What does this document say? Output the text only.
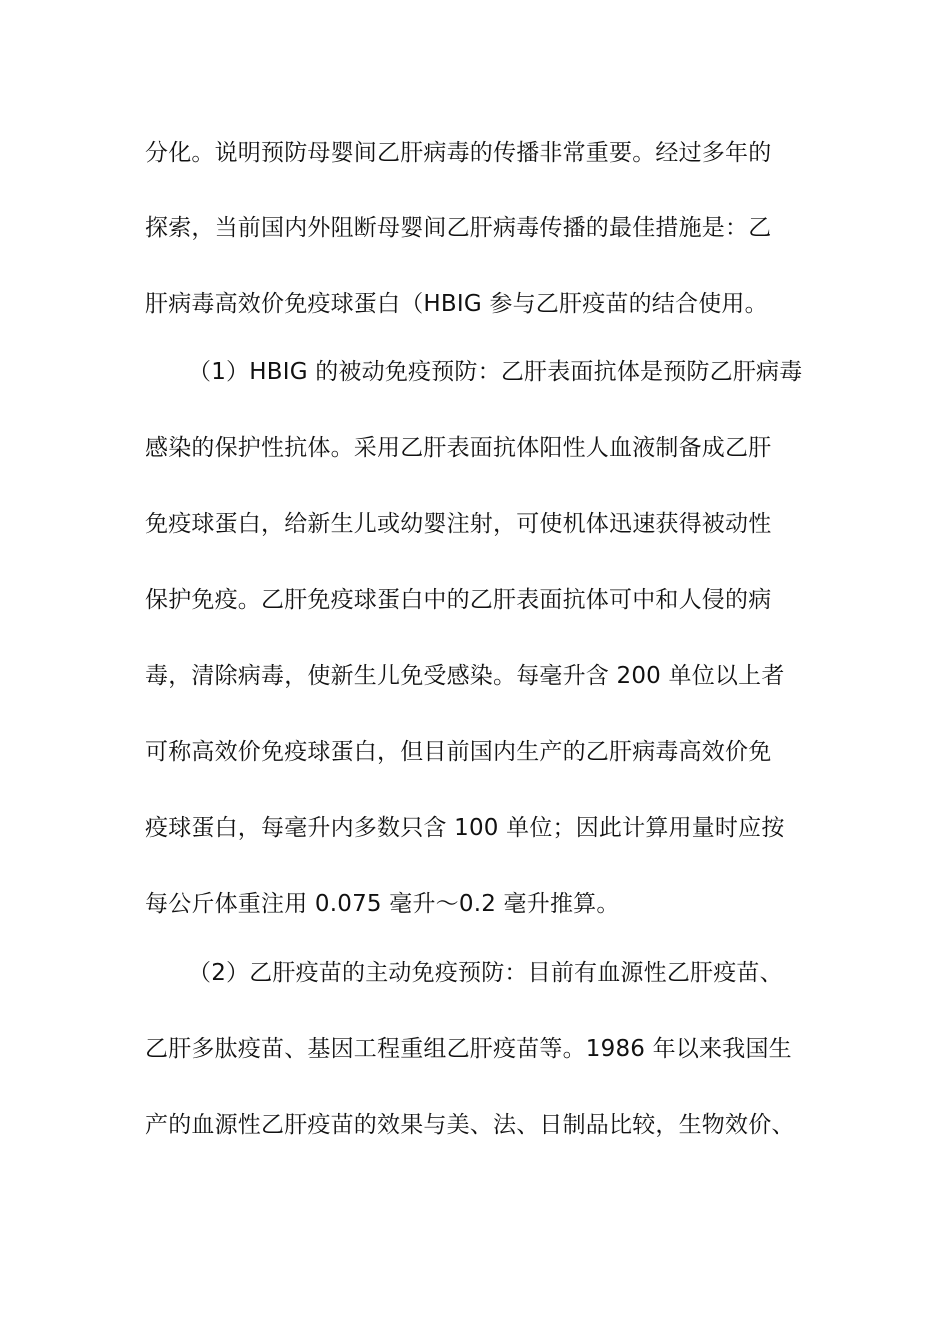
分化。说明预防母婴间乙肝病毒的传播非常重要。经过多年的
探索，当前国内外阻断母婴间乙肝病毒传播的最佳措施是：乙
肝病毒高效价免疫球蛋白（HBIG 参与乙肝疫苗的结合使用。
（1）HBIG 的被动免疫预防：乙肝表面抗体是预防乙肝病毒
感染的保护性抗体。采用乙肝表面抗体阳性人血液制备成乙肝
免疫球蛋白，给新生儿或幼婴注射，可使机体迅速获得被动性
保护免疫。乙肝免疫球蛋白中的乙肝表面抗体可中和人侵的病
毒，清除病毒，使新生儿免受感染。每毫升含 200 单位以上者
可称高效价免疫球蛋白，但目前国内生产的乙肝病毒高效价免
疫球蛋白，每毫升内多数只含 100 单位；因此计算用量时应按
每公斤体重注用 0.075 毫升～0.2 毫升推算。
（2）乙肝疫苗的主动免疫预防：目前有血源性乙肝疫苗、
乙肝多肽疫苗、基因工程重组乙肝疫苗等。1986 年以来我国生
产的血源性乙肝疫苗的效果与美、法、日制品比较，生物效价、
